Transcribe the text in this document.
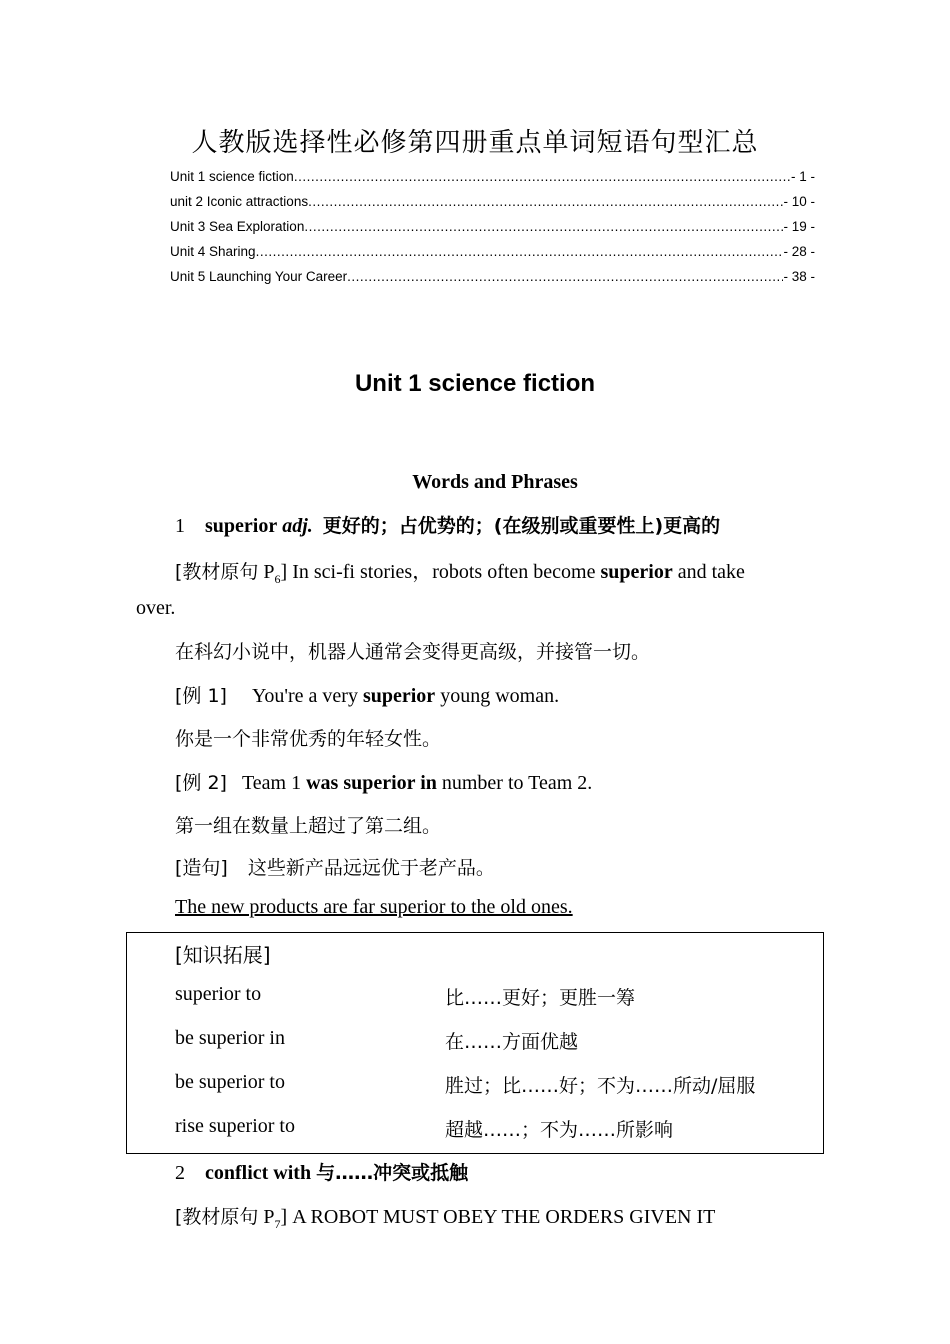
人教版选择性必修第四册重点单词短语句型汇总
Unit 1 science fiction .....	- 1 -
unit 2 Iconic attractions .....	- 10 -
Unit 3 Sea Exploration .....	- 19 -
Unit 4 Sharing .....	- 28 -
Unit 5 Launching Your Career .....	- 38 -
Unit 1 science fiction
Words and Phrases
1 superior adj. 更好的；占优势的；(在级别或重要性上)更高的
[教材原句 $P_6$] In sci-fi stories，robots often become superior and take
over.
在科幻小说中，机器人通常会变得更高级，并接管一切。
[例 1] You're a very superior young woman.
你是一个非常优秀的年轻女性。
[例 2] Team 1 was superior in number to Team 2.
第一组在数量上超过了第二组。
[造句] 这些新产品远远优于老产品。
The new products are far superior to the old ones.
[知识拓展]
superior to	比……更好；更胜一筹
be superior in	在……方面优越
be superior to	胜过；比……好；不为……所动/屈服
rise superior to	超越……；不为……所影响
2 conflict with 与……冲突或抵触
[教材原句 $P_7$] A ROBOT MUST OBEY THE ORDERS GIVEN IT
